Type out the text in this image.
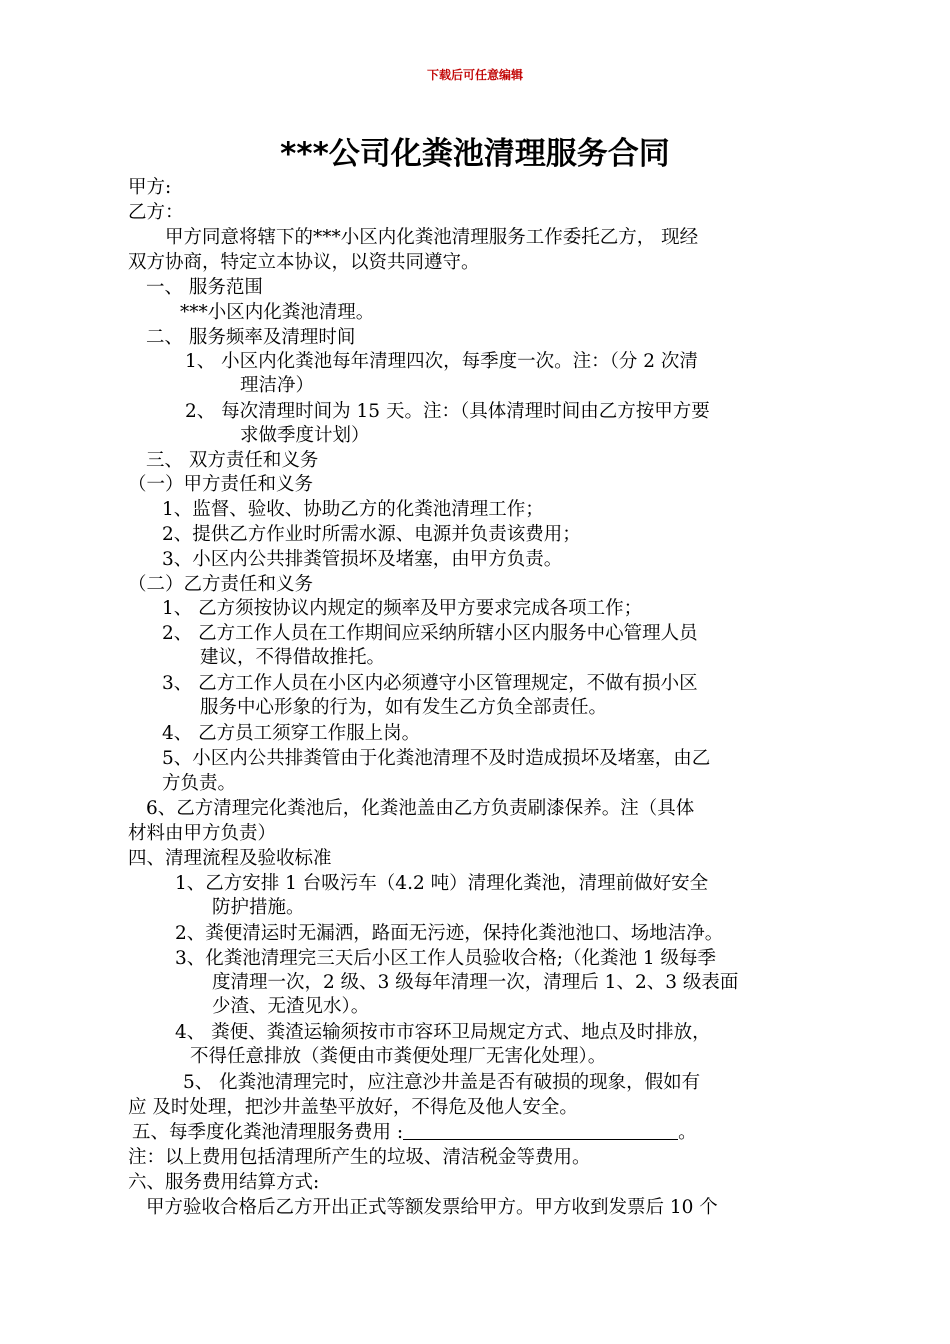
下载后可任意编辑
***公司化粪池清理服务合同
甲方:
乙方：
甲方同意将辖下的***小区内化粪池清理服务工作委托乙方， 现经
双方协商，特定立本协议，以资共同遵守。
一、 服务范围
***小区内化粪池清理。
二、 服务频率及清理时间
1、 小区内化粪池每年清理四次，每季度一次。注：（分 2 次清
理洁净）
2、 每次清理时间为 15 天。注：（具体清理时间由乙方按甲方要
求做季度计划）
三、 双方责任和义务
（一）甲方责任和义务
1、监督、验收、协助乙方的化粪池清理工作；
2、提供乙方作业时所需水源、电源并负责该费用；
3、小区内公共排粪管损坏及堵塞，由甲方负责。
（二）乙方责任和义务
1、 乙方须按协议内规定的频率及甲方要求完成各项工作；
2、 乙方工作人员在工作期间应采纳所辖小区内服务中心管理人员
建议，不得借故推托。
3、 乙方工作人员在小区内必须遵守小区管理规定，不做有损小区
服务中心形象的行为，如有发生乙方负全部责任。
4、 乙方员工须穿工作服上岗。
5、小区内公共排粪管由于化粪池清理不及时造成损坏及堵塞，由乙
方负责。
6、乙方清理完化粪池后，化粪池盖由乙方负责刷漆保养。注（具体
材料由甲方负责）
四、清理流程及验收标准
1、乙方安排 1 台吸污车（4.2 吨）清理化粪池，清理前做好安全
防护措施。
2、粪便清运时无漏洒，路面无污迹，保持化粪池池口、场地洁净。
3、化粪池清理完三天后小区工作人员验收合格;（化粪池 1 级每季
度清理一次，2 级、3 级每年清理一次，清理后 1、2、3 级表面
少渣、无渣见水）。
4、 粪便、粪渣运输须按市市容环卫局规定方式、地点及时排放，
不得任意排放（粪便由市粪便处理厂无害化处理）。
5、 化粪池清理完时，应注意沙井盖是否有破损的现象，假如有
应 及时处理，把沙井盖垫平放好，不得危及他人安全。
五、每季度化粪池清理服务费用 :	。
注：以上费用包括清理所产生的垃圾、清洁税金等费用。
六、服务费用结算方式:
甲方验收合格后乙方开出正式等额发票给甲方。甲方收到发票后 10 个
